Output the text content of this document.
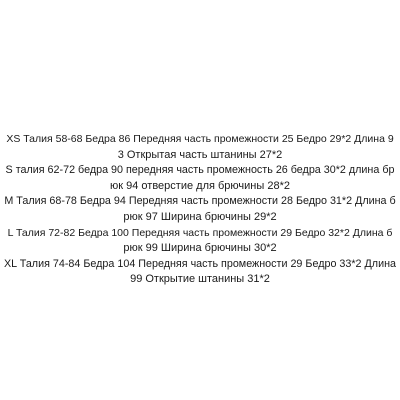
XS Талия 58-68 Бедра 86 Передняя часть промежности 25 Бедро 29*2 Длина 9
3 Открытая часть штанины 27*2
S талия 62-72 бедра 90 передняя часть промежность 26 бедра 30*2 длина бр
юк 94 отверстие для брючины 28*2
M Талия 68-78 Бедра 94 Передняя часть промежности 28 Бедро 31*2 Длина б
рюк 97 Ширина брючины 29*2
L Талия 72-82 Бедра 100 Передняя часть промежности 29 Бедро 32*2 Длина б
рюк 99 Ширина брючины 30*2
XL Талия 74-84 Бедра 104 Передняя часть промежности 29 Бедро 33*2 Длина
99 Открытие штанины 31*2
